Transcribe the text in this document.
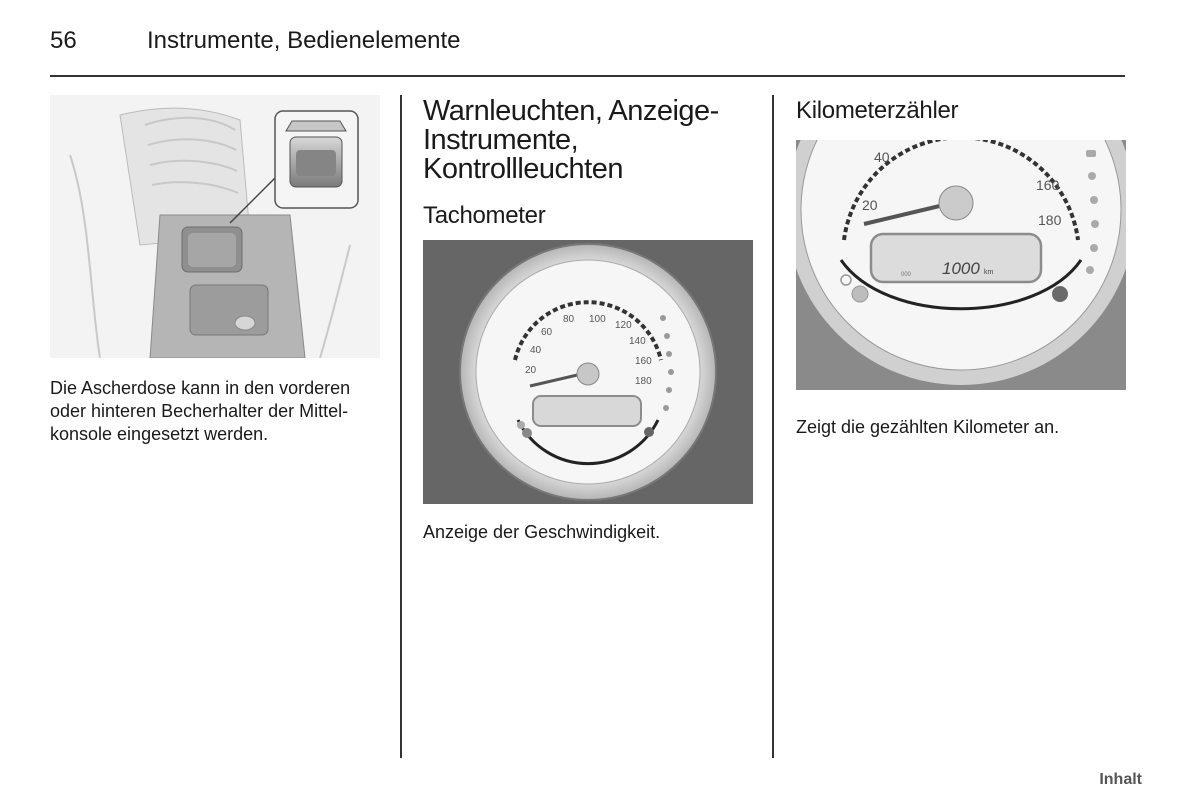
56	Instrumente, Bedienelemente

Die Ascherdose kann in den vorderen oder hinteren Becherhalter der Mittel-konsole eingesetzt werden.

Warnleuchten, Anzeige-Instrumente, Kontrollleuchten
Tachometer
20
40
60
80 100
120
140
160
180

Anzeige der Geschwindigkeit.

Kilometerzähler
20
40
160
180
000 1000 km

Zeigt die gezählten Kilometer an.

Inhalt
